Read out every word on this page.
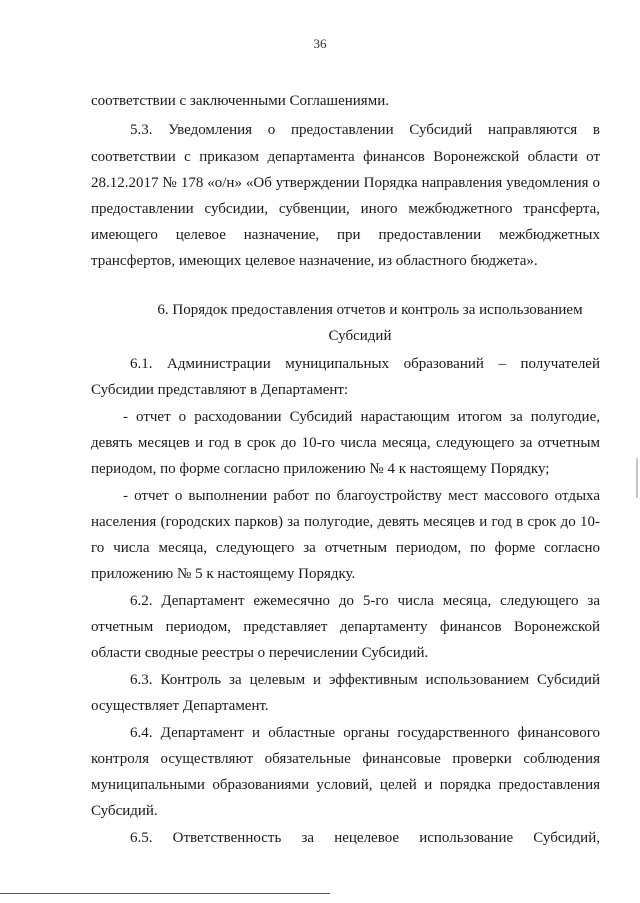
36
соответствии с заключенными Соглашениями.
5.3. Уведомления о предоставлении Субсидий направляются в
соответствии с приказом департамента финансов Воронежской области от
28.12.2017 № 178 «о/н» «Об утверждении Порядка направления уведомления о
предоставлении субсидии, субвенции, иного межбюджетного трансферта,
имеющего целевое назначение, при предоставлении межбюджетных
трансфертов, имеющих целевое назначение, из областного бюджета».
6. Порядок предоставления отчетов и контроль за использованием
Субсидий
6.1. Администрации муниципальных образований – получателей
Субсидии представляют в Департамент:
- отчет о расходовании Субсидий нарастающим итогом за полугодие,
девять месяцев и год в срок до 10-го числа месяца, следующего за отчетным
периодом, по форме согласно приложению № 4 к настоящему Порядку;
- отчет о выполнении работ по благоустройству мест массового отдыха
населения (городских парков) за полугодие, девять месяцев и год в срок до 10-
го числа месяца, следующего за отчетным периодом, по форме согласно
приложению № 5 к настоящему Порядку.
6.2. Департамент ежемесячно до 5-го числа месяца, следующего за
отчетным периодом, представляет департаменту финансов Воронежской
области сводные реестры о перечислении Субсидий.
6.3. Контроль за целевым и эффективным использованием Субсидий
осуществляет Департамент.
6.4. Департамент и областные органы государственного финансового
контроля осуществляют обязательные финансовые проверки соблюдения
муниципальными образованиями условий, целей и порядка предоставления
Субсидий.
6.5. Ответственность за нецелевое использование Субсидий,
